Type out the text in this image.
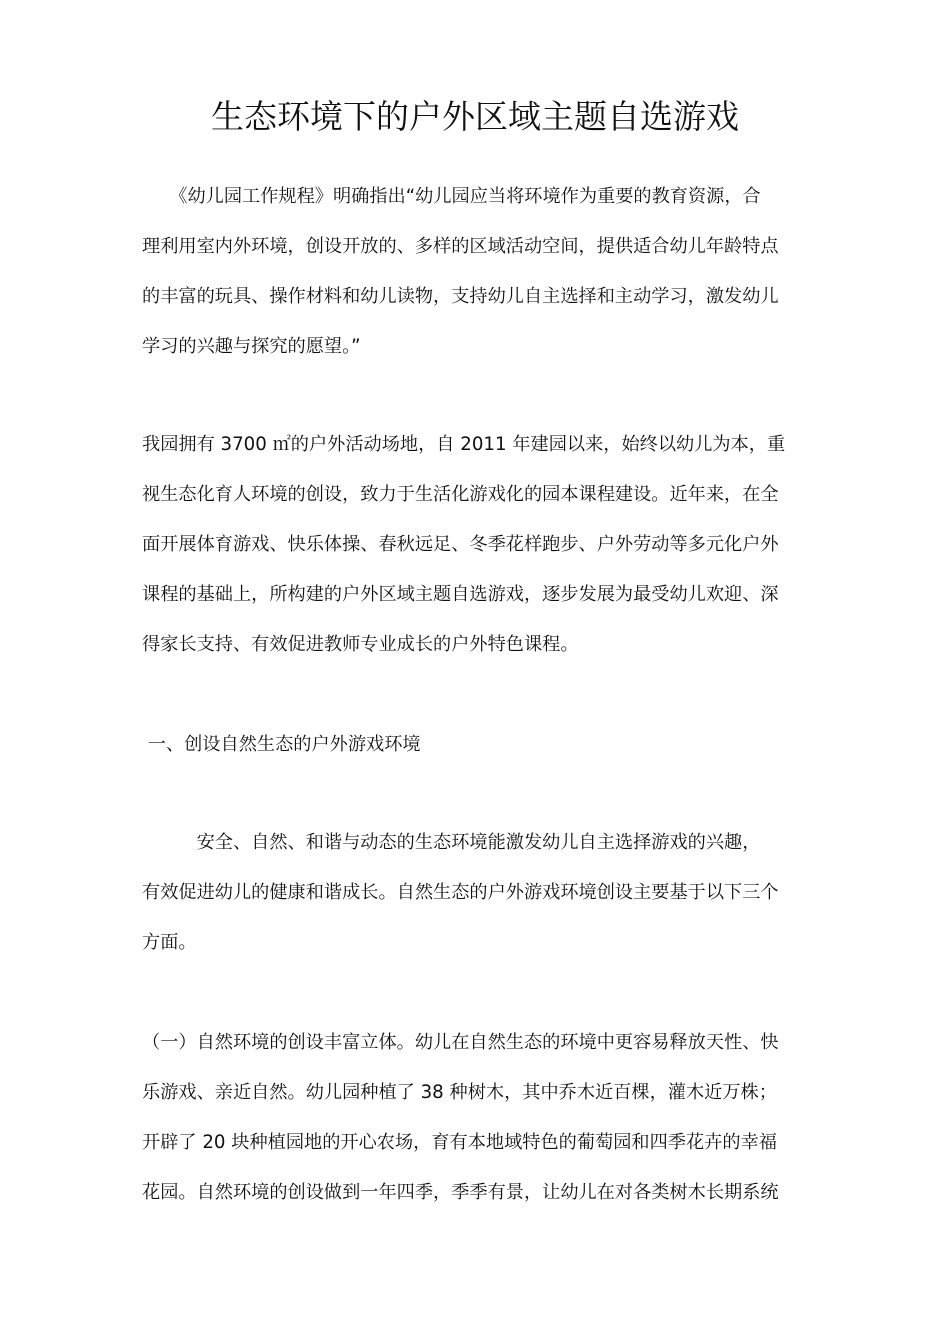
生态环境下的户外区域主题自选游戏
　　《幼儿园工作规程》明确指出“幼儿园应当将环境作为重要的教育资源，合
理利用室内外环境，创设开放的、多样的区域活动空间，提供适合幼儿年龄特点
的丰富的玩具、操作材料和幼儿读物，支持幼儿自主选择和主动学习，激发幼儿
学习的兴趣与探究的愿望。”
我园拥有 3700 ㎡的户外活动场地，自 2011 年建园以来，始终以幼儿为本，重
视生态化育人环境的创设，致力于生活化游戏化的园本课程建设。近年来，在全
面开展体育游戏、快乐体操、春秋远足、冬季花样跑步、户外劳动等多元化户外
课程的基础上，所构建的户外区域主题自选游戏，逐步发展为最受幼儿欢迎、深
得家长支持、有效促进教师专业成长的户外特色课程。
一、创设自然生态的户外游戏环境
　　　安全、自然、和谐与动态的生态环境能激发幼儿自主选择游戏的兴趣，
有效促进幼儿的健康和谐成长。自然生态的户外游戏环境创设主要基于以下三个
方面。
（一）自然环境的创设丰富立体。幼儿在自然生态的环境中更容易释放天性、快
乐游戏、亲近自然。幼儿园种植了 38 种树木，其中乔木近百棵，灌木近万株；
开辟了 20 块种植园地的开心农场，育有本地域特色的葡萄园和四季花卉的幸福
花园。自然环境的创设做到一年四季，季季有景，让幼儿在对各类树木长期系统
